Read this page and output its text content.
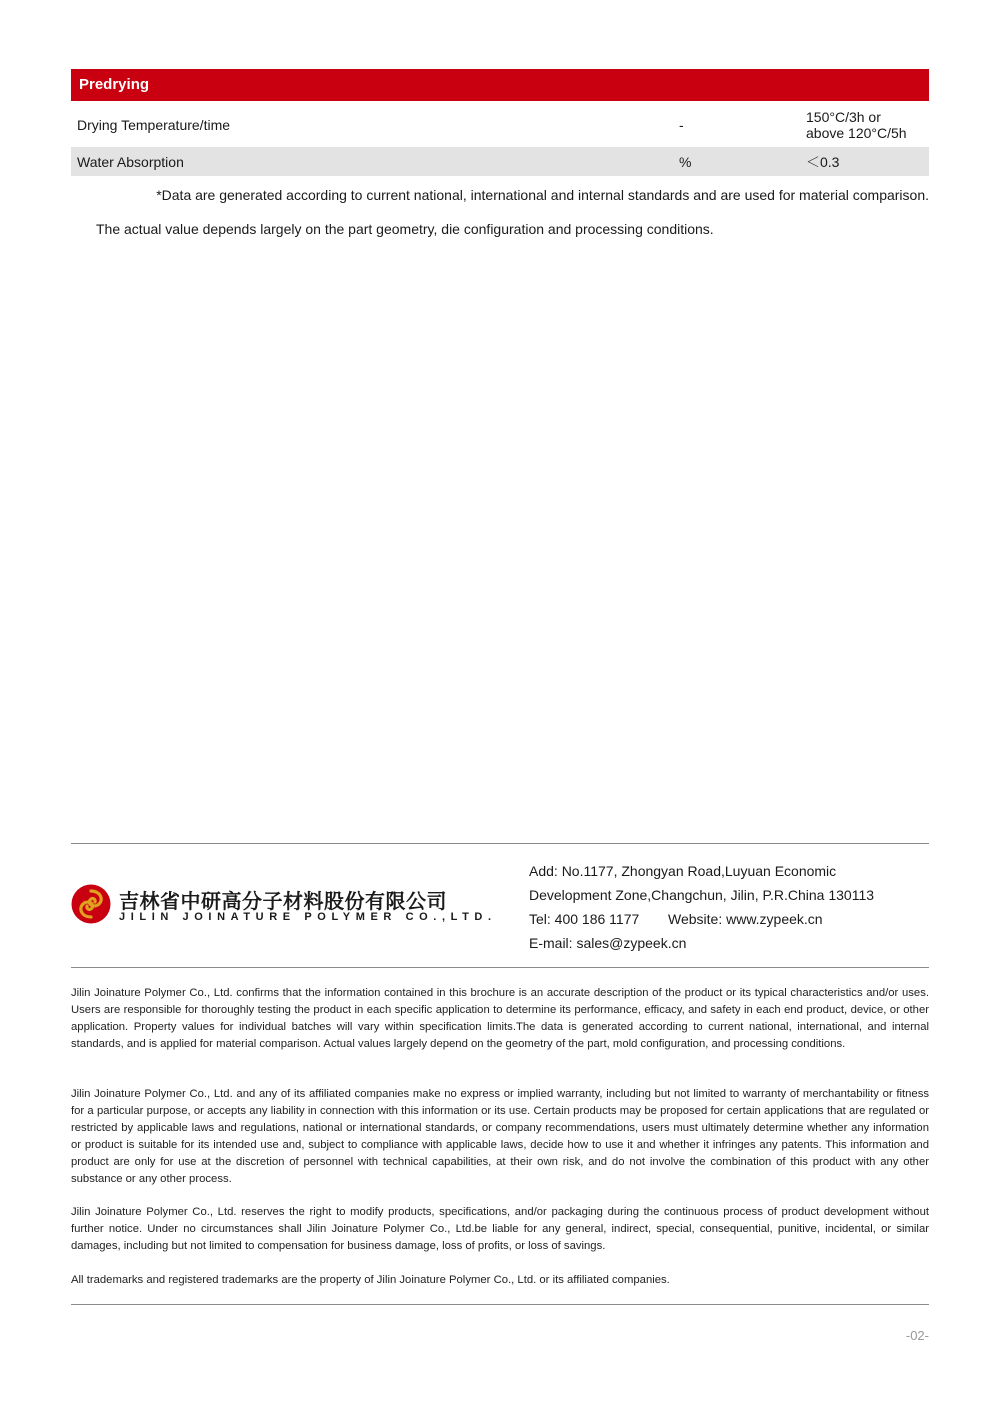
Predrying
Drying Temperature/time	-	150°C/3h or
above 120°C/5h
Water Absorption	%	＜0.3
*Data are generated according to current national, international and internal standards and are used for material comparison.
The actual value depends largely on the part geometry, die configuration and processing conditions.
吉林省中研高分子材料股份有限公司
JILIN JOINATURE POLYMER CO.,LTD.
Add: No.1177, Zhongyan Road,Luyuan Economic
Development Zone,Changchun, Jilin, P.R.China 130113
Tel: 400 186 1177 Website: www.zypeek.cn
E-mail: sales@zypeek.cn

Jilin Joinature Polymer Co., Ltd. confirms that the information contained in this brochure is an accurate description of the product or its typical characteristics and/or uses. Users are responsible for thoroughly testing the product in each specific application to determine its performance, efficacy, and safety in each end product, device, or other application. Property values for individual batches will vary within specification limits.The data is generated according to current national, international, and internal standards, and is applied for material comparison. Actual values largely depend on the geometry of the part, mold configuration, and processing conditions.

Jilin Joinature Polymer Co., Ltd. and any of its affiliated companies make no express or implied warranty, including but not limited to warranty of merchantability or fitness for a particular purpose, or accepts any liability in connection with this information or its use. Certain products may be proposed for certain applications that are regulated or restricted by applicable laws and regulations, national or international standards, or company recommendations, users must ultimately determine whether any information or product is suitable for its intended use and, subject to compliance with applicable laws, decide how to use it and whether it infringes any patents. This information and product are only for use at the discretion of personnel with technical capabilities, at their own risk, and do not involve the combination of this product with any other substance or any other process.

Jilin Joinature Polymer Co., Ltd. reserves the right to modify products, specifications, and/or packaging during the continuous process of product development without further notice. Under no circumstances shall Jilin Joinature Polymer Co., Ltd.be liable for any general, indirect, special, consequential, punitive, incidental, or similar damages, including but not limited to compensation for business damage, loss of profits, or loss of savings.

All trademarks and registered trademarks are the property of Jilin Joinature Polymer Co., Ltd. or its affiliated companies.

-02-
